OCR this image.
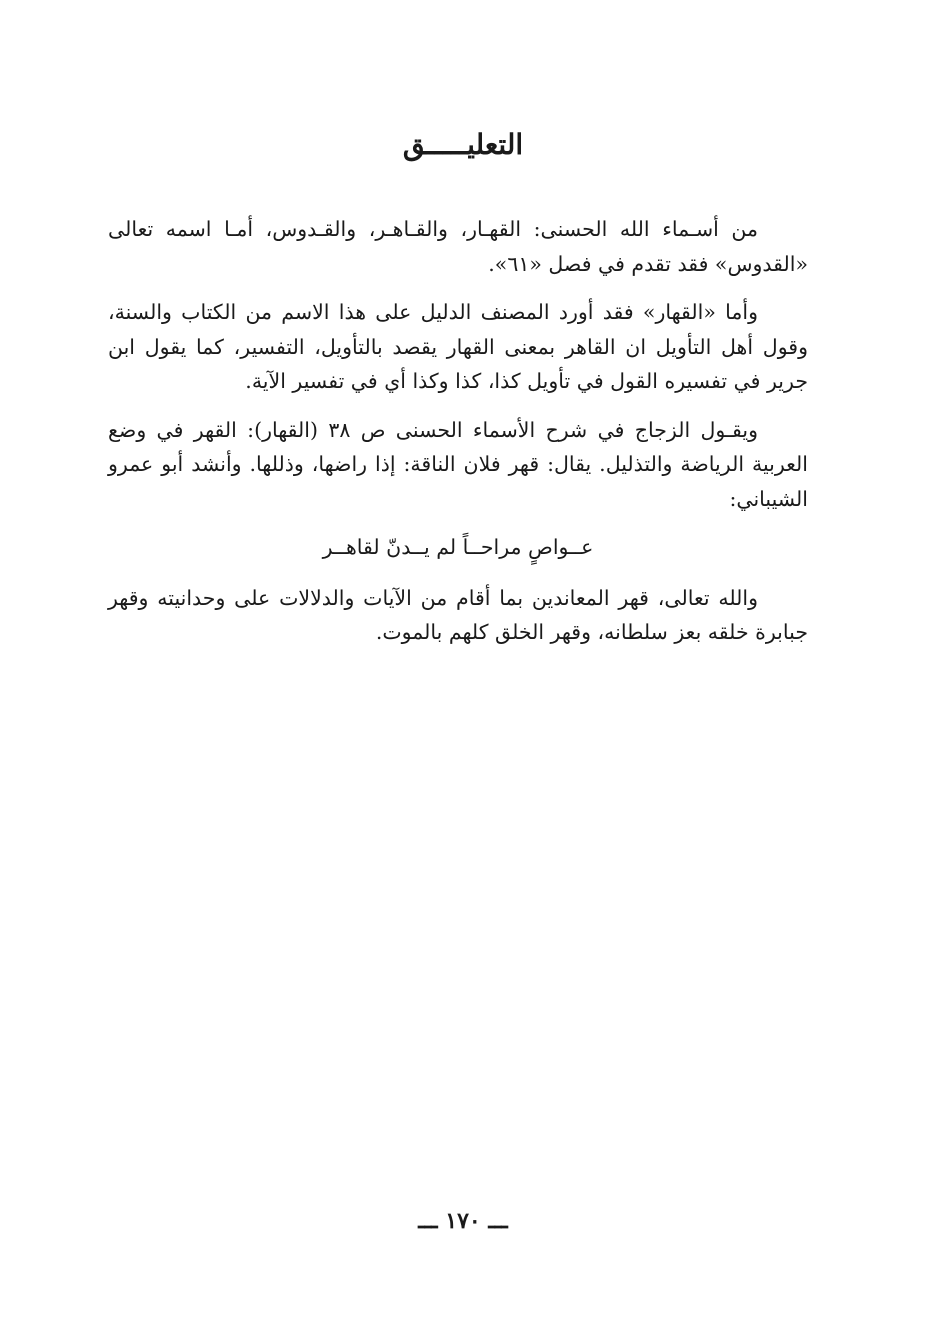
التعليـــــق

من أسـماء الله الحسنى: القهـار، والقـاهـر، والقـدوس، أمـا اسمه تعالى «القدوس» فقد تقدم في فصل «٦١».

وأما «القهار» فقد أورد المصنف الدليل على هذا الاسم من الكتاب والسنة، وقول أهل التأويل ان القاهر بمعنى القهار يقصد بالتأويل، التفسير، كما يقول ابن جرير في تفسيره القول في تأويل كذا، كذا وكذا أي في تفسير الآية.

ويقـول الزجاج في شرح الأسماء الحسنى ص ٣٨ (القهار): القهر في وضع العربية الرياضة والتذليل. يقال: قهر فلان الناقة: إذا راضها، وذللها. وأنشد أبو عمرو الشيباني:

عــواصٍ مراحــاً لم يــدنّ لقاهــر

والله تعالى، قهر المعاندين بما أقام من الآيات والدلالات على وحدانيته وقهر جبابرة خلقه بعز سلطانه، وقهر الخلق كلهم بالموت.

ـــ ١٧٠ ـــ
